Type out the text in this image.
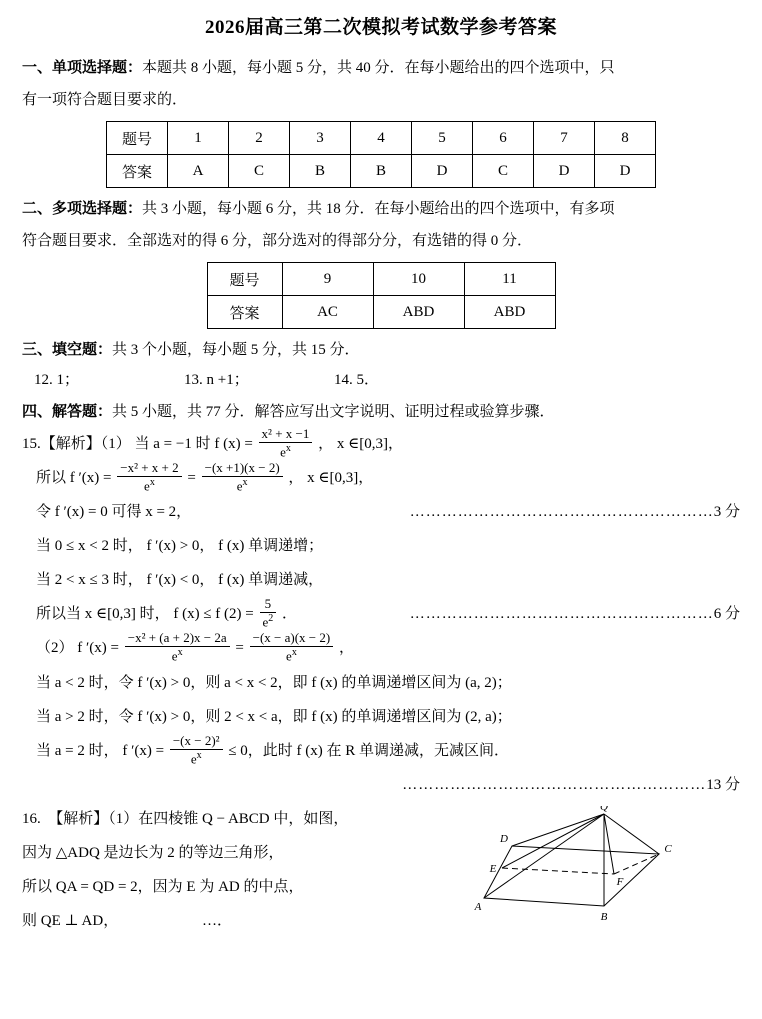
2026届高三第二次模拟考试数学参考答案
一、单项选择题：本题共 8 小题，每小题 5 分，共 40 分．在每小题给出的四个选项中，只
有一项符合题目要求的．
题号	1	2	3	4	5	6	7	8
答案	A	C	B	B	D	C	D	D
二、多项选择题：共 3 小题，每小题 6 分，共 18 分．在每小题给出的四个选项中，有多项
符合题目要求．全部选对的得 6 分，部分选对的得部分分，有选错的得 0 分．
题号	9	10	11
答案	AC	ABD	ABD
三、填空题：共 3 个小题，每小题 5 分，共 15 分．
12. 1；	13. n +1；	14. 5．
四、解答题：共 5 小题，共 77 分．解答应写出文字说明、证明过程或验算步骤．
15.【解析】（1） 当 a = −1 时 f $(x) = \frac{\text{x² + x −1}}{e^x}$ ， x ∈[0,3]，
所以 f $'(x) = \frac{\text{−x² + x + 2}}{e^x} = \frac{-(x +1)(x - 2)}{e^x}$ ， x ∈[0,3]，
令 f ′(x) = 0 可得 x = 2，	…………………………………………………3 分
当 0 ≤ x < 2 时， f ′(x) > 0， f (x) 单调递增；
当 2 < x ≤ 3 时， f ′(x) < 0， f (x) 单调递减，
所以当 x ∈[0,3] 时， f (x) ≤ f $(2) = \frac{5}{e^2}$ ．	…………………………………………………6 分
（2） f $'(x) = \frac{\text{−x² + (a + 2)x − 2a}}{e^x} = \frac{-(x - a)(x - 2)}{e^x}$ ，
当 a < 2 时，令 f ′(x) > 0，则 a < x < 2，即 f (x) 的单调递增区间为 (a, 2)；
当 a > 2 时，令 f ′(x) > 0，则 2 < x < a，即 f (x) 的单调递增区间为 (2, a)；
当 a = 2 时， f $'(x) = \frac{\text{−(x − 2)²}}{e^x} \le 0$，此时 f (x) 在 R 单调递减，无减区间．

…………………………………………………13 分
16.　【解析】（1）在四棱锥 Q − ABCD 中，如图，
因为 △ADQ 是边长为 2 的等边三角形，
所以 QA = QD = 2，因为 E 为 AD 的中点，
则 QE ⊥ AD，	…．
Q
D
C
E
F
A
B
